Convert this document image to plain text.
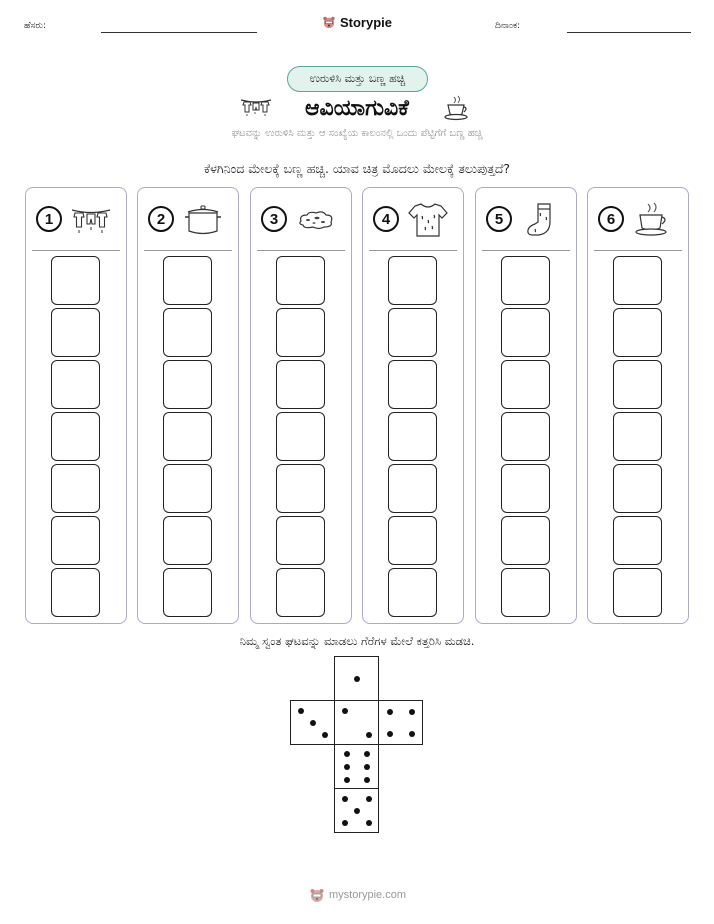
ಹೆಸರು:	ದಿನಾಂಕ:
Storypie
ಉರುಳಿಸಿ ಮತ್ತು ಬಣ್ಣ ಹಚ್ಚಿ
ಆವಿಯಾಗುವಿಕೆ
ಘಟವನ್ನು ಉರುಳಿಸಿ ಮತ್ತು ಆ ಸಂಖ್ಯೆಯ ಕಾಲಂನಲ್ಲಿ ಒಂದು ಪೆಟ್ಟಿಗೆಗೆ ಬಣ್ಣ ಹಚ್ಚಿ
ಕೆಳಗಿನಿಂದ ಮೇಲಕ್ಕೆ ಬಣ್ಣ ಹಚ್ಚಿ. ಯಾವ ಚಿತ್ರ ಮೊದಲು ಮೇಲಕ್ಕೆ ತಲುಪುತ್ತದೆ?
1	2	3	4	5	6
ನಿಮ್ಮ ಸ್ವಂತ ಘಟವನ್ನು ಮಾಡಲು ಗೆರೆಗಳ ಮೇಲೆ ಕತ್ತರಿಸಿ ಮಡಚಿ.
mystorypie.com
